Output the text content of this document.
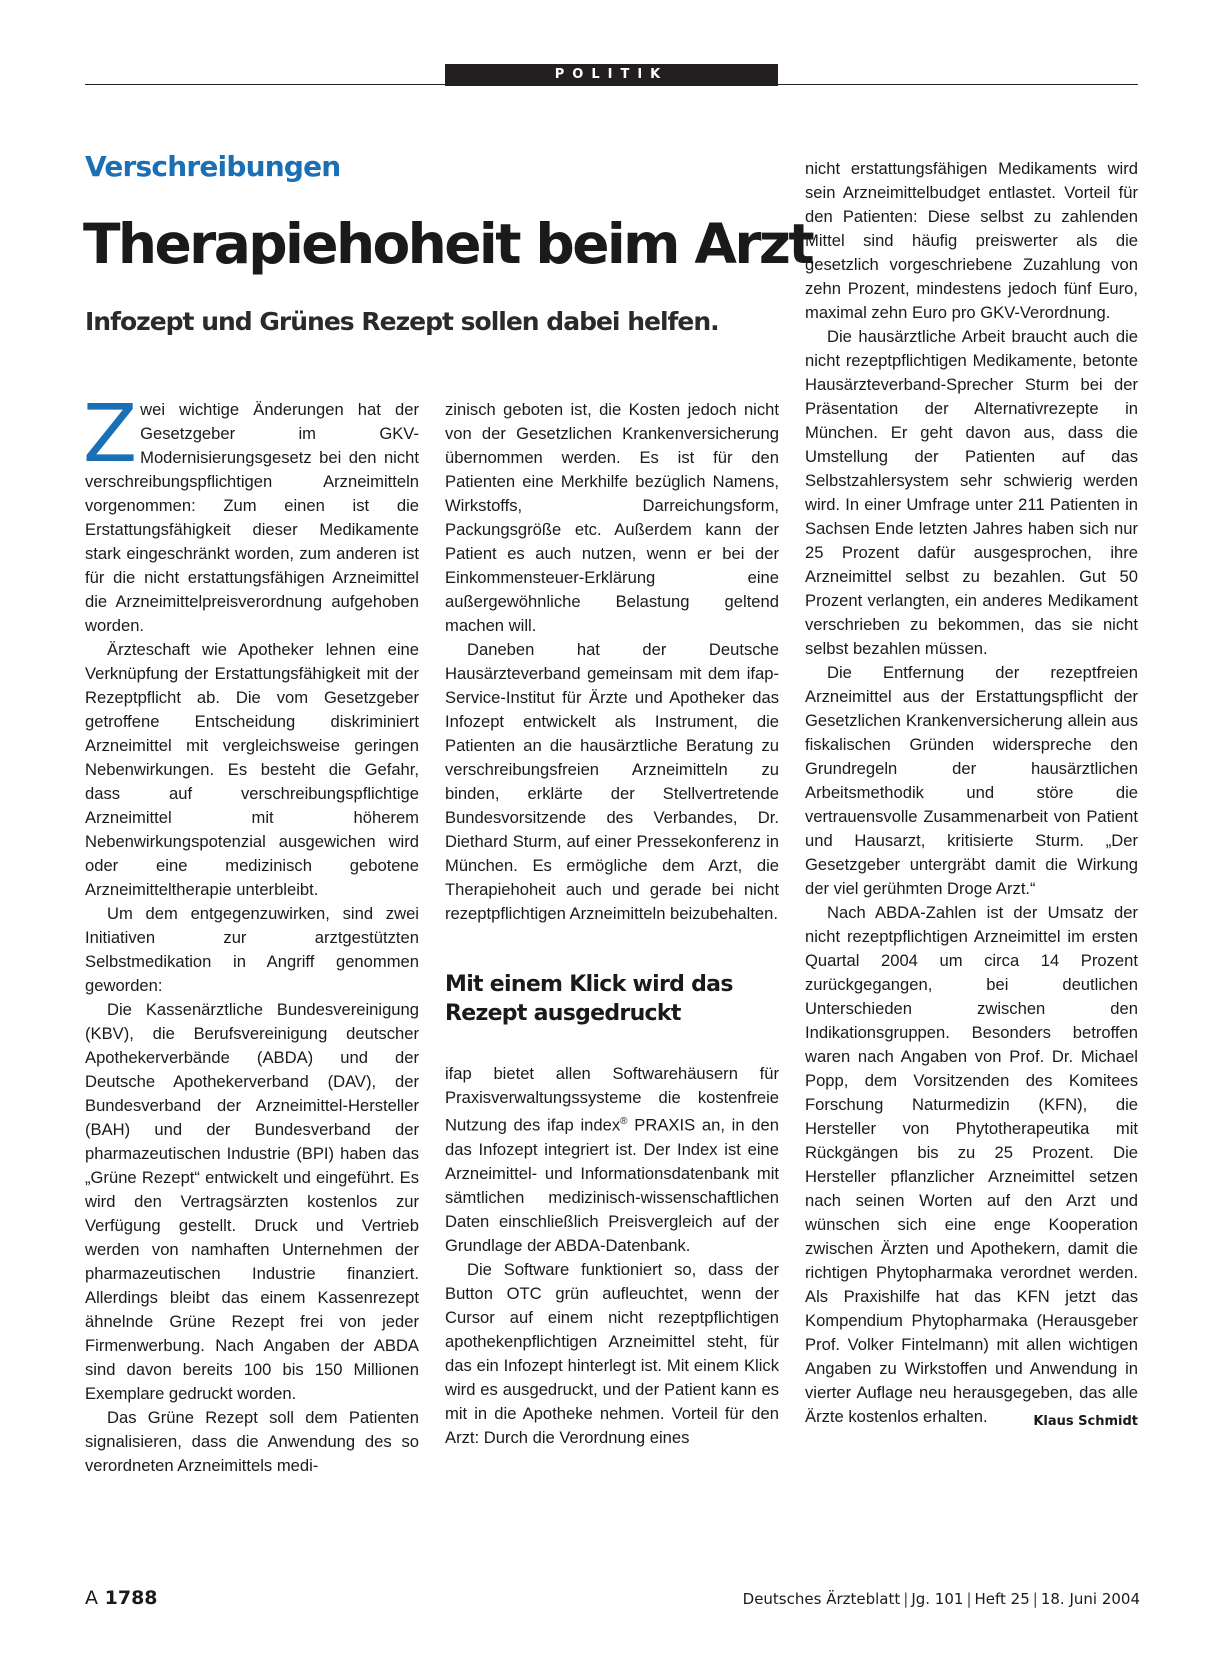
POLITIK
Verschreibungen
Therapiehoheit beim Arzt
Infozept und Grünes Rezept sollen dabei helfen.

Zwei wichtige Änderungen hat der Gesetzgeber im GKV-Modernisierungsgesetz bei den nicht verschreibungspflichtigen Arzneimitteln vorgenommen: Zum einen ist die Erstattungsfähigkeit dieser Medikamente stark eingeschränkt worden, zum anderen ist für die nicht erstattungsfähigen Arzneimittel die Arzneimittelpreisverordnung aufgehoben worden.

Ärzteschaft wie Apotheker lehnen eine Verknüpfung der Erstattungsfähigkeit mit der Rezeptpflicht ab. Die vom Gesetzgeber getroffene Entscheidung diskriminiert Arzneimittel mit vergleichsweise geringen Nebenwirkungen. Es besteht die Gefahr, dass auf verschreibungspflichtige Arzneimittel mit höherem Nebenwirkungspotenzial ausgewichen wird oder eine medizinisch gebotene Arzneimitteltherapie unterbleibt.

Um dem entgegenzuwirken, sind zwei Initiativen zur arztgestützten Selbstmedikation in Angriff genommen geworden:

Die Kassenärztliche Bundesvereinigung (KBV), die Berufsvereinigung deutscher Apothekerverbände (ABDA) und der Deutsche Apothekerverband (DAV), der Bundesverband der Arzneimittel-Hersteller (BAH) und der Bundesverband der pharmazeutischen Industrie (BPI) haben das „Grüne Rezept“ entwickelt und eingeführt. Es wird den Vertragsärzten kostenlos zur Verfügung gestellt. Druck und Vertrieb werden von namhaften Unternehmen der pharmazeutischen Industrie finanziert. Allerdings bleibt das einem Kassenrezept ähnelnde Grüne Rezept frei von jeder Firmenwerbung. Nach Angaben der ABDA sind davon bereits 100 bis 150 Millionen Exemplare gedruckt worden.

Das Grüne Rezept soll dem Patienten signalisieren, dass die Anwendung des so verordneten Arzneimittels medi-

zinisch geboten ist, die Kosten jedoch nicht von der Gesetzlichen Krankenversicherung übernommen werden. Es ist für den Patienten eine Merkhilfe bezüglich Namens, Wirkstoffs, Darreichungsform, Packungsgröße etc. Außerdem kann der Patient es auch nutzen, wenn er bei der Einkommensteuer-Erklärung eine außergewöhnliche Belastung geltend machen will.

Daneben hat der Deutsche Hausärzteverband gemeinsam mit dem ifap-Service-Institut für Ärzte und Apotheker das Infozept entwickelt als Instrument, die Patienten an die hausärztliche Beratung zu verschreibungsfreien Arzneimitteln zu binden, erklärte der Stellvertretende Bundesvorsitzende des Verbandes, Dr. Diethard Sturm, auf einer Pressekonferenz in München. Es ermögliche dem Arzt, die Therapiehoheit auch und gerade bei nicht rezeptpflichtigen Arzneimitteln beizubehalten.

Mit einem Klick wird das Rezept ausgedruckt

ifap bietet allen Softwarehäusern für Praxisverwaltungssysteme die kostenfreie Nutzung des ifap index® PRAXIS an, in den das Infozept integriert ist. Der Index ist eine Arzneimittel- und Informationsdatenbank mit sämtlichen medizinisch-wissenschaftlichen Daten einschließlich Preisvergleich auf der Grundlage der ABDA-Datenbank.

Die Software funktioniert so, dass der Button OTC grün aufleuchtet, wenn der Cursor auf einem nicht rezeptpflichtigen apothekenpflichtigen Arzneimittel steht, für das ein Infozept hinterlegt ist. Mit einem Klick wird es ausgedruckt, und der Patient kann es mit in die Apotheke nehmen. Vorteil für den Arzt: Durch die Verordnung eines

nicht erstattungsfähigen Medikaments wird sein Arzneimittelbudget entlastet. Vorteil für den Patienten: Diese selbst zu zahlenden Mittel sind häufig preiswerter als die gesetzlich vorgeschriebene Zuzahlung von zehn Prozent, mindestens jedoch fünf Euro, maximal zehn Euro pro GKV-Verordnung.

Die hausärztliche Arbeit braucht auch die nicht rezeptpflichtigen Medikamente, betonte Hausärzteverband-Sprecher Sturm bei der Präsentation der Alternativrezepte in München. Er geht davon aus, dass die Umstellung der Patienten auf das Selbstzahlersystem sehr schwierig werden wird. In einer Umfrage unter 211 Patienten in Sachsen Ende letzten Jahres haben sich nur 25 Prozent dafür ausgesprochen, ihre Arzneimittel selbst zu bezahlen. Gut 50 Prozent verlangten, ein anderes Medikament verschrieben zu bekommen, das sie nicht selbst bezahlen müssen.

Die Entfernung der rezeptfreien Arzneimittel aus der Erstattungspflicht der Gesetzlichen Krankenversicherung allein aus fiskalischen Gründen widerspreche den Grundregeln der hausärztlichen Arbeitsmethodik und störe die vertrauensvolle Zusammenarbeit von Patient und Hausarzt, kritisierte Sturm. „Der Gesetzgeber untergräbt damit die Wirkung der viel gerühmten Droge Arzt.“

Nach ABDA-Zahlen ist der Umsatz der nicht rezeptpflichtigen Arzneimittel im ersten Quartal 2004 um circa 14 Prozent zurückgegangen, bei deutlichen Unterschieden zwischen den Indikationsgruppen. Besonders betroffen waren nach Angaben von Prof. Dr. Michael Popp, dem Vorsitzenden des Komitees Forschung Naturmedizin (KFN), die Hersteller von Phytotherapeutika mit Rückgängen bis zu 25 Prozent. Die Hersteller pflanzlicher Arzneimittel setzen nach seinen Worten auf den Arzt und wünschen sich eine enge Kooperation zwischen Ärzten und Apothekern, damit die richtigen Phytopharmaka verordnet werden. Als Praxishilfe hat das KFN jetzt das Kompendium Phytopharmaka (Herausgeber Prof. Volker Fintelmann) mit allen wichtigen Angaben zu Wirkstoffen und Anwendung in vierter Auflage neu herausgegeben, das alle Ärzte kostenlos erhalten.	Klaus Schmidt

A 1788	Deutsches Ärzteblatt | Jg. 101 | Heft 25 | 18. Juni 2004
